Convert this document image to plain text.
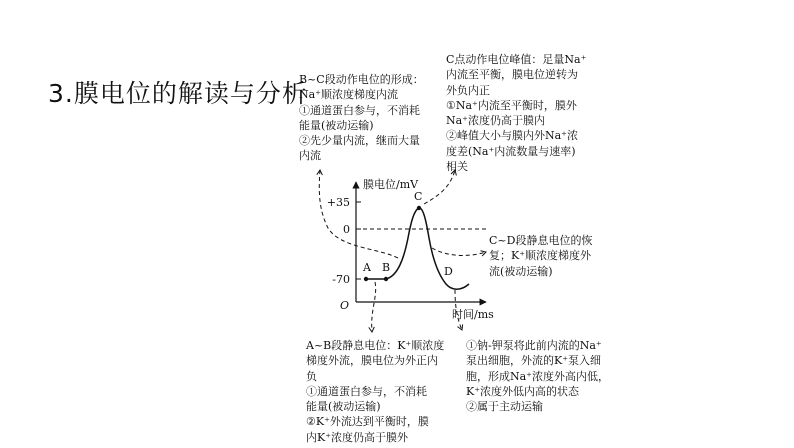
3.膜电位的解读与分析
B~C段动作电位的形成：
Na⁺顺浓度梯度内流
①通道蛋白参与，不消耗
能量(被动运输)
②先少量内流，继而大量
内流
C点动作电位峰值：足量Na⁺
内流至平衡，膜电位逆转为
外负内正
①Na⁺内流至平衡时，膜外
Na⁺浓度仍高于膜内
②峰值大小与膜内外Na⁺浓
度差(Na⁺内流数量与速率)
相关
C~D段静息电位的恢
复；K⁺顺浓度梯度外
流(被动运输)
A~B段静息电位：K⁺顺浓度
梯度外流，膜电位为外正内
负
①通道蛋白参与，不消耗
能量(被动运输)
②K⁺外流达到平衡时，膜
内K⁺浓度仍高于膜外
①钠-钾泵将此前内流的Na⁺
泵出细胞，外流的K⁺泵入细
胞，形成Na⁺浓度外高内低，
K⁺浓度外低内高的状态
②属于主动运输
膜电位/mV
时间/ms
O
+35
0
-70
A B
C
D
